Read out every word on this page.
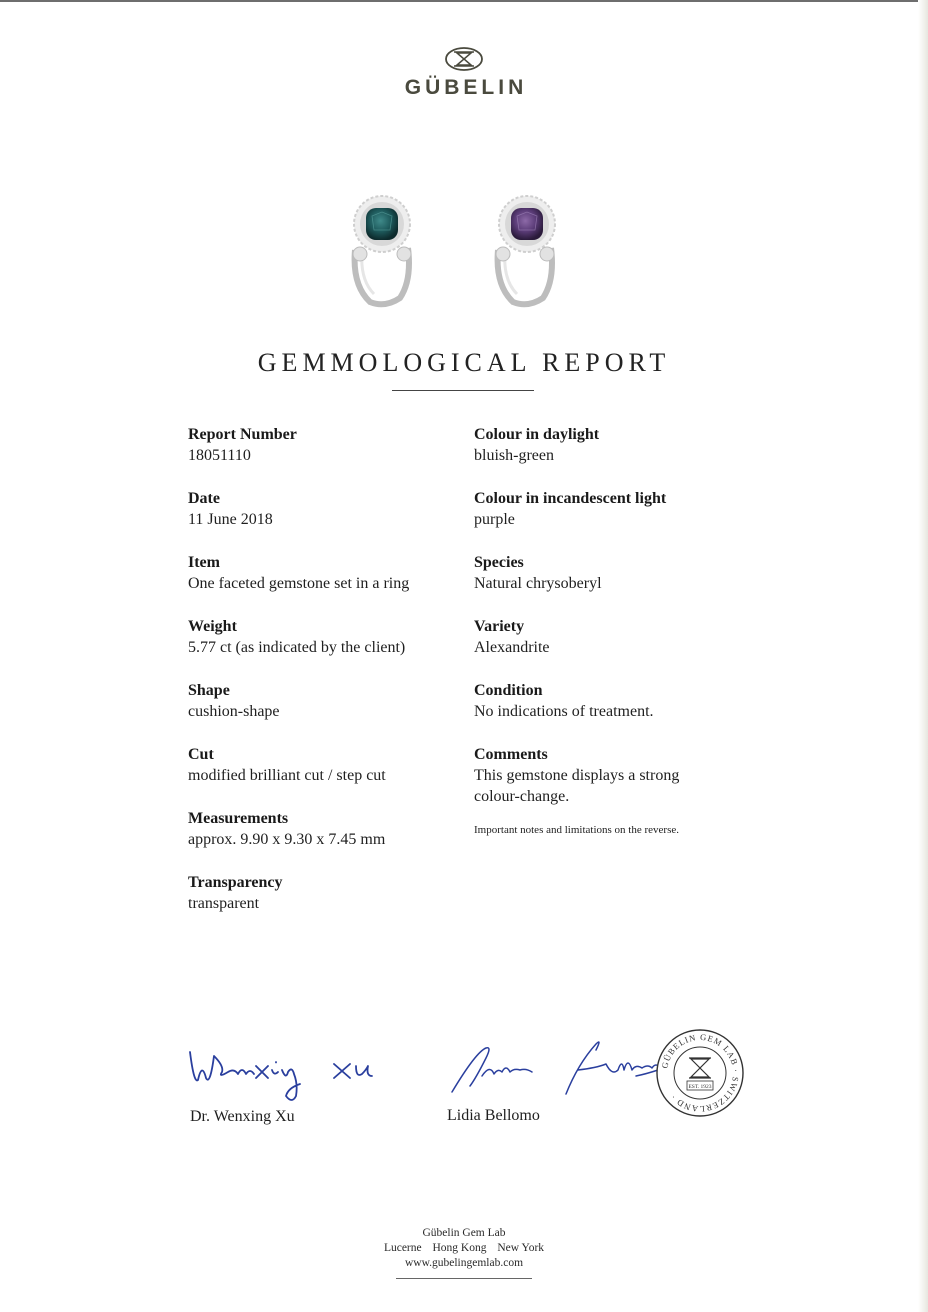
GÜBELIN
GEMMOLOGICAL REPORT
Report Number
18051110
Date
11 June 2018
Item
One faceted gemstone set in a ring
Weight
5.77 ct (as indicated by the client)
Shape
cushion-shape
Cut
modified brilliant cut / step cut
Measurements
approx. 9.90 x 9.30 x 7.45 mm
Transparency
transparent
Colour in daylight
bluish-green
Colour in incandescent light
purple
Species
Natural chrysoberyl
Variety
Alexandrite
Condition
No indications of treatment.
Comments
This gemstone displays a strong colour-change.
Important notes and limitations on the reverse.
Dr. Wenxing Xu	Lidia Bellomo
GÜBELIN GEM LAB · SWITZERLAND ·
EST. 1923
Gübelin Gem Lab
Lucerne Hong Kong New York
www.gubelingemlab.com
